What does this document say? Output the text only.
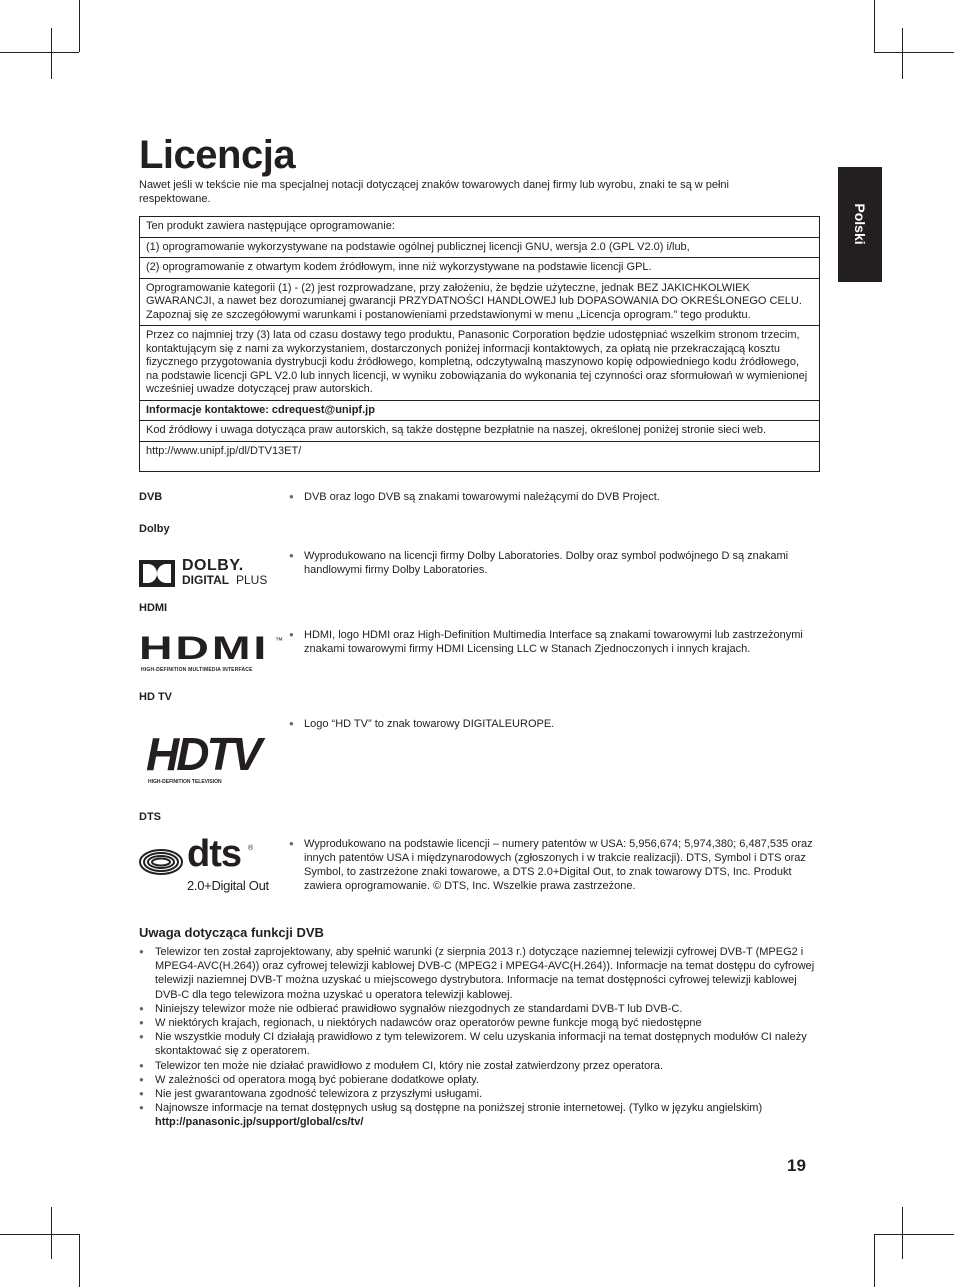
Licencja

Nawet jeśli w tekście nie ma specjalnej notacji dotyczącej znaków towarowych danej firmy lub wyrobu, znaki te są w pełni respektowane.

Polski

Ten produkt zawiera następujące oprogramowanie:

(1) oprogramowanie wykorzystywane na podstawie ogólnej publicznej licencji GNU, wersja 2.0 (GPL V2.0) i/lub,

(2) oprogramowanie z otwartym kodem źródłowym, inne niż wykorzystywane na podstawie licencji GPL.

Oprogramowanie kategorii (1) - (2) jest rozprowadzane, przy założeniu, że będzie użyteczne, jednak BEZ JAKICHKOLWIEK GWARANCJI, a nawet bez dorozumianej gwarancji PRZYDATNOŚCI HANDLOWEJ lub DOPASOWANIA DO OKREŚLONEGO CELU. Zapoznaj się ze szczegółowymi warunkami i postanowieniami przedstawionymi w menu „Licencja oprogram.” tego produktu.

Przez co najmniej trzy (3) lata od czasu dostawy tego produktu, Panasonic Corporation będzie udostępniać wszelkim stronom trzecim, kontaktującym się z nami za wykorzystaniem, dostarczonych poniżej informacji kontaktowych, za opłatą nie przekraczającą kosztu fizycznego przygotowania dystrybucji kodu źródłowego, kompletną, odczytywalną maszynowo kopię odpowiedniego kodu źródłowego, na podstawie licencji GPL V2.0 lub innych licencji, w wyniku zobowiązania do wykonania tej czynności oraz sformułowań w wymienionej wcześniej uwadze dotyczącej praw autorskich.

Informacje kontaktowe: cdrequest@unipf.jp

Kod źródłowy i uwaga dotycząca praw autorskich, są także dostępne bezpłatnie na naszej, określonej poniżej stronie sieci web.

http://www.unipf.jp/dl/DTV13ET/

DVB

●	DVB oraz logo DVB są znakami towarowymi należącymi do DVB Project.

Dolby

DOLBY.
DIGITAL PLUS

● Wyprodukowano na licencji firmy Dolby Laboratories. Dolby oraz symbol podwójnego D są znakami handlowymi firmy Dolby Laboratories.

HDMI

HDMI ™
HIGH-DEFINITION MULTIMEDIA INTERFACE

● HDMI, logo HDMI oraz High-Definition Multimedia Interface są znakami towarowymi lub zastrzeżonymi znakami towarowymi firmy HDMI Licensing LLC w Stanach Zjednoczonych i innych krajach.

HD TV

HDTV
HIGH-DEFINITION TELEVISION

● Logo “HD TV” to znak towarowy DIGITALEUROPE.

DTS

dts ®
2.0+Digital Out

● Wyprodukowano na podstawie licencji – numery patentów w USA: 5,956,674; 5,974,380; 6,487,535 oraz innych patentów USA i międzynarodowych (zgłoszonych i w trakcie realizacji). DTS, Symbol i DTS oraz Symbol, to zastrzeżone znaki towarowe, a DTS 2.0+Digital Out, to znak towarowy DTS, Inc. Produkt zawiera oprogramowanie. © DTS, Inc. Wszelkie prawa zastrzeżone.

Uwaga dotycząca funkcji DVB
● Telewizor ten został zaprojektowany, aby spełnić warunki (z sierpnia 2013 r.) dotyczące naziemnej telewizji cyfrowej DVB-T (MPEG2 i MPEG4-AVC(H.264)) oraz cyfrowej telewizji kablowej DVB-C (MPEG2 i MPEG4-AVC(H.264)). Informacje na temat dostępu do cyfrowej telewizji naziemnej DVB-T można uzyskać u miejscowego dystrybutora. Informacje na temat dostępności cyfrowej telewizji kablowej DVB-C dla tego telewizora można uzyskać u operatora telewizji kablowej.
● Niniejszy telewizor może nie odbierać prawidłowo sygnałów niezgodnych ze standardami DVB-T lub DVB-C.
● W niektórych krajach, regionach, u niektórych nadawców oraz operatorów pewne funkcje mogą być niedostępne
● Nie wszystkie moduły CI działają prawidłowo z tym telewizorem. W celu uzyskania informacji na temat dostępnych modułów CI należy skontaktować się z operatorem.
● Telewizor ten może nie działać prawidłowo z modułem CI, który nie został zatwierdzony przez operatora.
● W zależności od operatora mogą być pobierane dodatkowe opłaty.
● Nie jest gwarantowana zgodność telewizora z przyszłymi usługami.
● Najnowsze informacje na temat dostępnych usług są dostępne na poniższej stronie internetowej. (Tylko w języku angielskim)
http://panasonic.jp/support/global/cs/tv/

19
